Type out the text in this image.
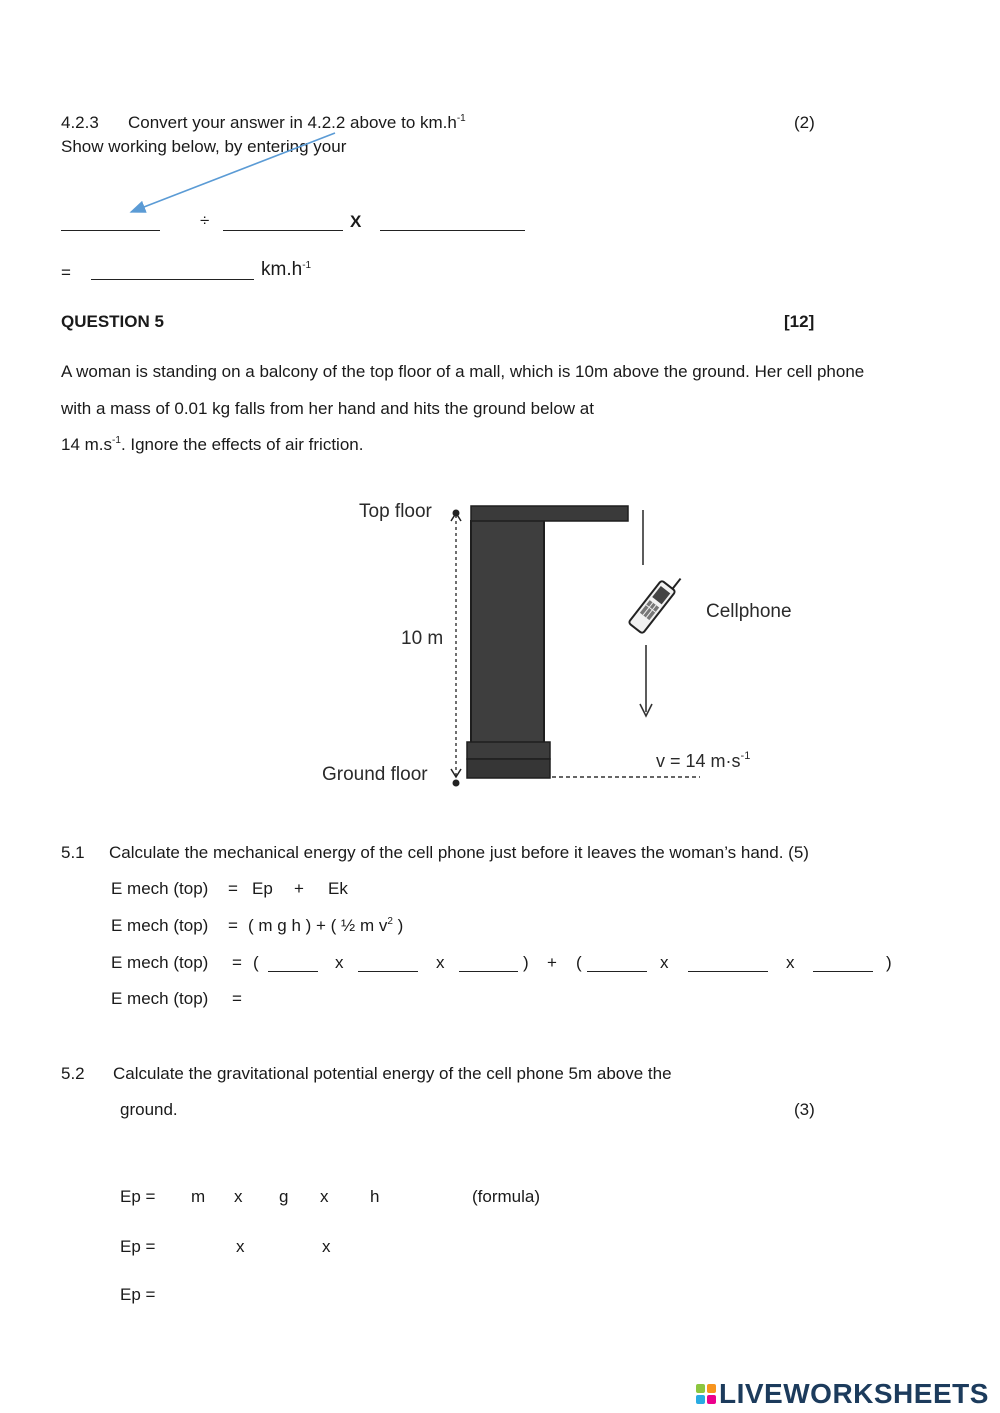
4.2.3 Convert your answer in 4.2.2 above to $km.h^{-1}$	(2)
Show working below, by entering your
÷	X
=	$km.h^{-1}$
QUESTION 5	[12]
A woman is standing on a balcony of the top floor of a mall, which is 10m above the ground. Her cell phone
with a mass of 0.01 kg falls from her hand and hits the ground below at
14 $m.s^{-1}$. Ignore the effects of air friction.
Top floor
10 m
Ground floor
Cellphone
v = 14 $m\cdot s^{-1}$
5.1 Calculate the mechanical energy of the cell phone just before it leaves the woman’s hand. (5)
E mech (top) = Ep + Ek
E mech (top) = ( m g h ) + ( ½ m $v^2$ )
E mech (top) = (	x	x	) + (	x	x	)
E mech (top) =
5.2 Calculate the gravitational potential energy of the cell phone 5m above the
ground.	(3)
Ep = m x g x h	(formula)
Ep =	x	x
Ep =
LIVEWORKSHEETS
